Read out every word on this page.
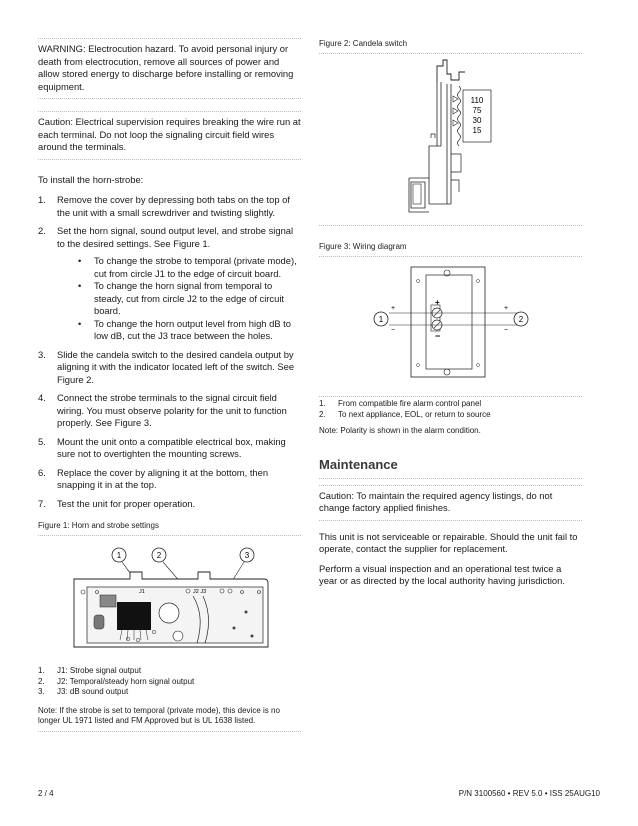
WARNING: Electrocution hazard. To avoid personal injury or death from electrocution, remove all sources of power and allow stored energy to discharge before installing or removing equipment.

Caution: Electrical supervision requires breaking the wire run at each terminal. Do not loop the signaling circuit field wires around the terminals.

To install the horn-strobe:

1. Remove the cover by depressing both tabs on the top of the unit with a small screwdriver and twisting slightly.
2. Set the horn signal, sound output level, and strobe signal to the desired settings. See Figure 1.
• To change the strobe to temporal (private mode), cut from circle J1 to the edge of circuit board.
• To change the horn signal from temporal to steady, cut from circle J2 to the edge of circuit board.
• To change the horn output level from high dB to low dB, cut the J3 trace between the holes.
3. Slide the candela switch to the desired candela output by aligning it with the indicator located left of the switch. See Figure 2.
4. Connect the strobe terminals to the signal circuit field wiring. You must observe polarity for the unit to function properly. See Figure 3.
5. Mount the unit onto a compatible electrical box, making sure not to overtighten the mounting screws.
6. Replace the cover by aligning it at the bottom, then snapping it in at the top.
7. Test the unit for proper operation.

Figure 1: Horn and strobe settings

1	2	3
J1	J2 J3
1. J1: Strobe signal output
2. J2: Temporal/steady horn signal output
3. J3: dB sound output

Note: If the strobe is set to temporal (private mode), this device is no longer UL 1971 listed and FM Approved but is UL 1638 listed.

Figure 2: Candela switch

110
75
30
15

Figure 3: Wiring diagram

+
−
1
+
−
2
+
−
1. From compatible fire alarm control panel
2. To next appliance, EOL, or return to source

Note: Polarity is shown in the alarm condition.

Maintenance

Caution: To maintain the required agency listings, do not change factory applied finishes.

This unit is not serviceable or repairable. Should the unit fail to operate, contact the supplier for replacement.

Perform a visual inspection and an operational test twice a year or as directed by the local authority having jurisdiction.

2 / 4	P/N 3100560 • REV 5.0 • ISS 25AUG10
